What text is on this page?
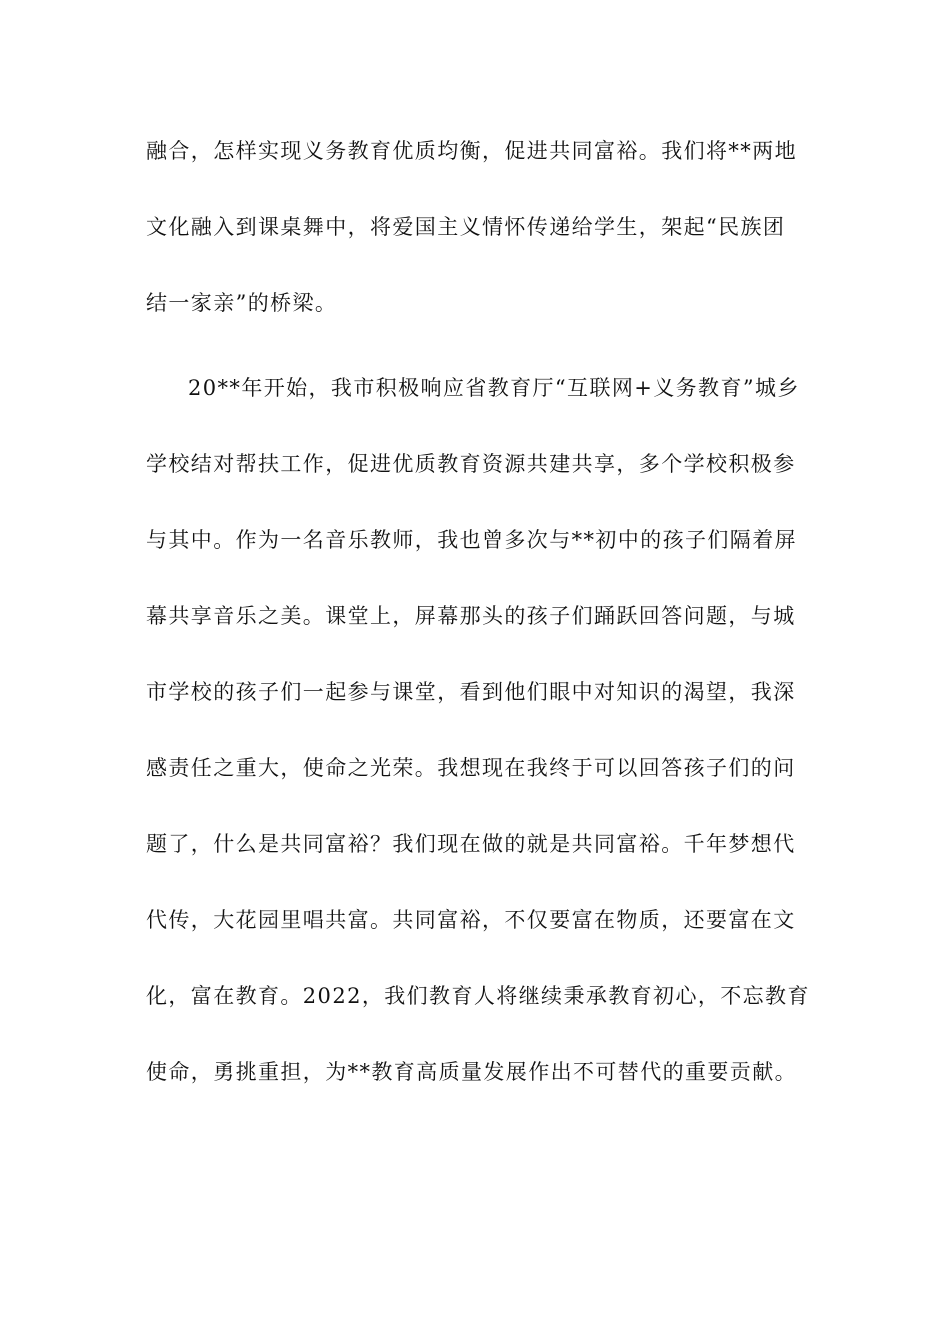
融合，怎样实现义务教育优质均衡，促进共同富裕。我们将**两地

文化融入到课桌舞中，将爱国主义情怀传递给学生，架起“民族团

结一家亲”的桥梁。

20**年开始，我市积极响应省教育厅“互联网+义务教育”城乡

学校结对帮扶工作，促进优质教育资源共建共享，多个学校积极参

与其中。作为一名音乐教师，我也曾多次与**初中的孩子们隔着屏

幕共享音乐之美。课堂上，屏幕那头的孩子们踊跃回答问题，与城

市学校的孩子们一起参与课堂，看到他们眼中对知识的渴望，我深

感责任之重大，使命之光荣。我想现在我终于可以回答孩子们的问

题了，什么是共同富裕？我们现在做的就是共同富裕。千年梦想代

代传，大花园里唱共富。共同富裕，不仅要富在物质，还要富在文

化，富在教育。2022，我们教育人将继续秉承教育初心，不忘教育

使命，勇挑重担，为**教育高质量发展作出不可替代的重要贡献。
